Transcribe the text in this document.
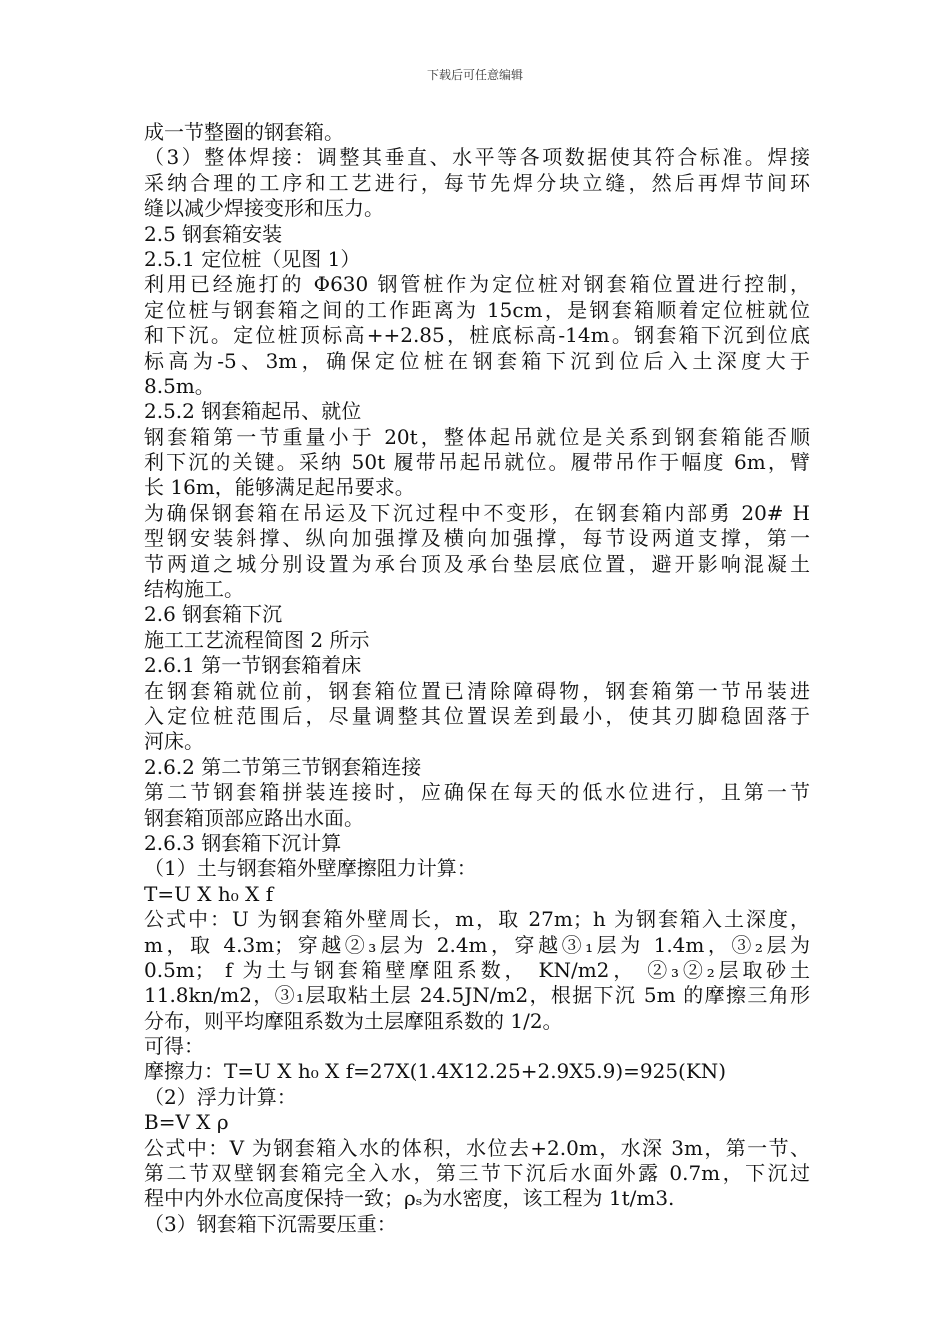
下载后可任意编辑
成一节整圈的钢套箱。
（3）整体焊接：调整其垂直、水平等各项数据使其符合标准。焊接
采纳合理的工序和工艺进行，每节先焊分块立缝，然后再焊节间环
缝以减少焊接变形和压力。
2.5 钢套箱安装
2.5.1 定位桩（见图 1）
利用已经施打的 Φ630 钢管桩作为定位桩对钢套箱位置进行控制，
定位桩与钢套箱之间的工作距离为 15cm，是钢套箱顺着定位桩就位
和下沉。定位桩顶标高++2.85，桩底标高-14m。钢套箱下沉到位底
标高为-5、3m，确保定位桩在钢套箱下沉到位后入土深度大于
8.5m。
2.5.2 钢套箱起吊、就位
钢套箱第一节重量小于 20t，整体起吊就位是关系到钢套箱能否顺
利下沉的关键。采纳 50t 履带吊起吊就位。履带吊作于幅度 6m，臂
长 16m，能够满足起吊要求。
为确保钢套箱在吊运及下沉过程中不变形，在钢套箱内部勇 20# H
型钢安装斜撑、纵向加强撑及横向加强撑，每节设两道支撑，第一
节两道之城分别设置为承台顶及承台垫层底位置，避开影响混凝土
结构施工。
2.6 钢套箱下沉
施工工艺流程简图 2 所示
2.6.1 第一节钢套箱着床
在钢套箱就位前，钢套箱位置已清除障碍物，钢套箱第一节吊装进
入定位桩范围后，尽量调整其位置误差到最小，使其刃脚稳固落于
河床。
2.6.2 第二节第三节钢套箱连接
第二节钢套箱拼装连接时，应确保在每天的低水位进行，且第一节
钢套箱顶部应路出水面。
2.6.3 钢套箱下沉计算
（1）土与钢套箱外壁摩擦阻力计算：
T=U X h₀ X f
公式中：U 为钢套箱外壁周长，m，取 27m；h 为钢套箱入土深度，
m，取 4.3m；穿越②₃层为 2.4m，穿越③₁层为 1.4m，③₂层为
0.5m； f 为土与钢套箱壁摩阻系数， KN/m2， ②₃②₂层取砂土
11.8kn/m2，③₁层取粘土层 24.5JN/m2，根据下沉 5m 的摩擦三角形
分布，则平均摩阻系数为土层摩阻系数的 1/2。
可得：
摩擦力：T=U X h₀ X f=27X(1.4X12.25+2.9X5.9)=925(KN)
（2）浮力计算：
B=V X ρ
公式中：V 为钢套箱入水的体积，水位去+2.0m，水深 3m，第一节、
第二节双壁钢套箱完全入水，第三节下沉后水面外露 0.7m，下沉过
程中内外水位高度保持一致；ρₛ为水密度，该工程为 1t/m3.
（3）钢套箱下沉需要压重：
